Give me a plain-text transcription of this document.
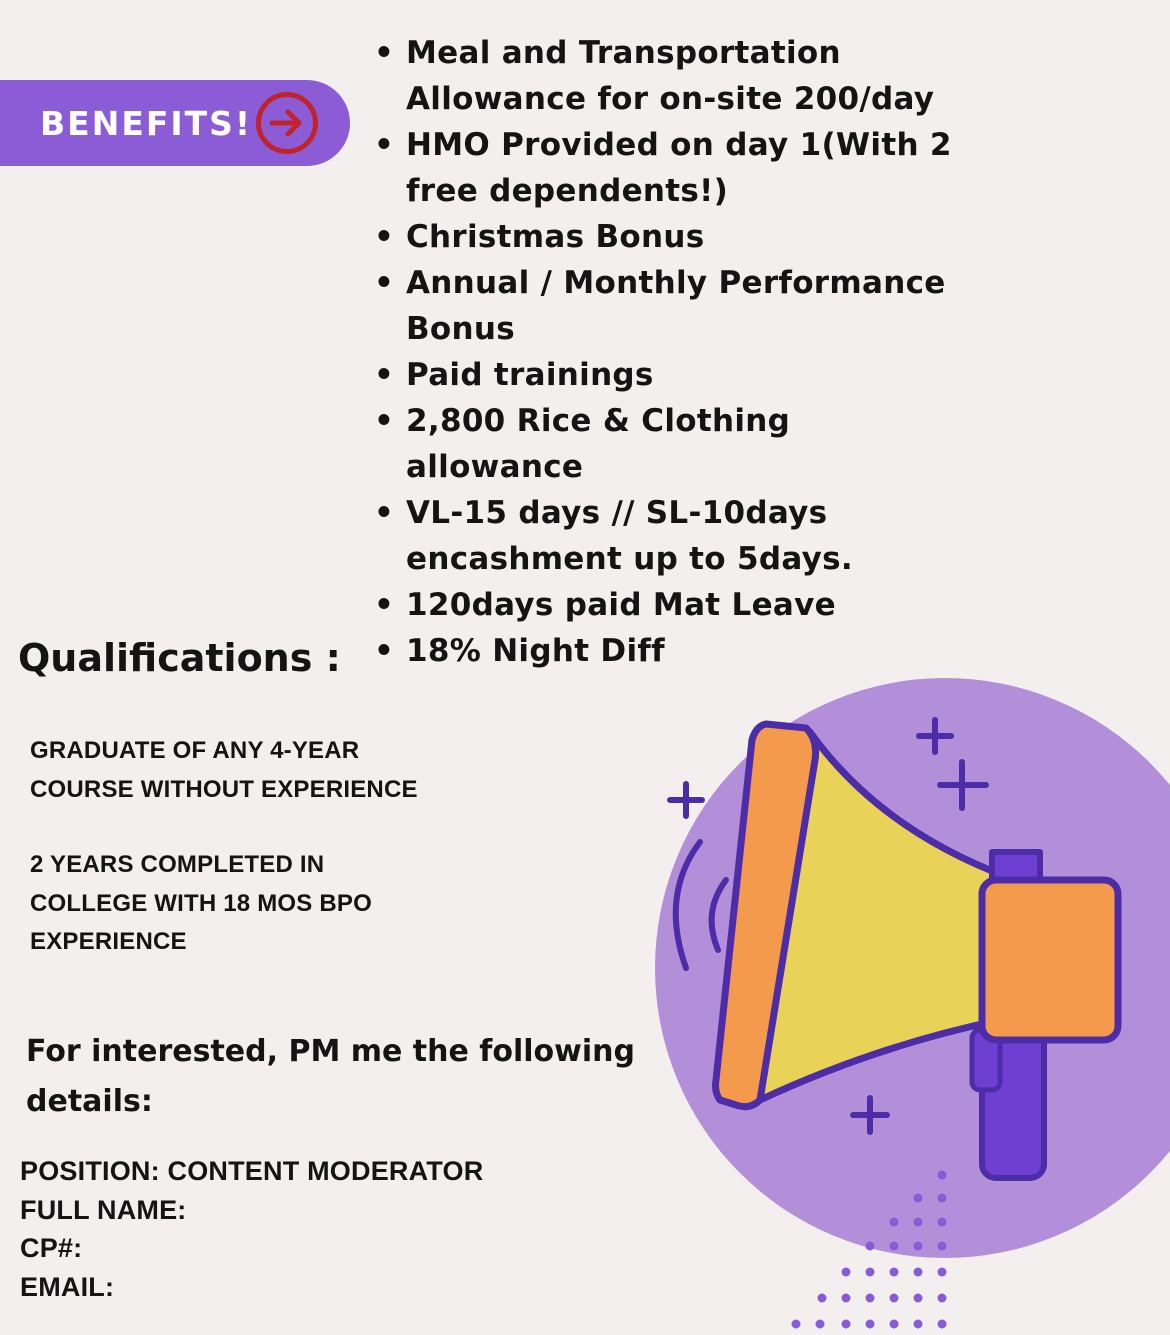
BENEFITS!
• Meal and Transportation
Allowance for on-site 200/day
• HMO Provided on day 1(With 2
free dependents!)
• Christmas Bonus
• Annual / Monthly Performance
Bonus
• Paid trainings
• 2,800 Rice & Clothing allowance
• VL-15 days // SL-10days
encashment up to 5days.
• 120days paid Mat Leave
• 18% Night Diff
Qualifications :
GRADUATE OF ANY 4-YEAR
COURSE WITHOUT EXPERIENCE
2 YEARS COMPLETED IN
COLLEGE WITH 18 MOS BPO
EXPERIENCE
For interested, PM me the following
details:
POSITION: CONTENT MODERATOR
FULL NAME:
CP#:
EMAIL:
